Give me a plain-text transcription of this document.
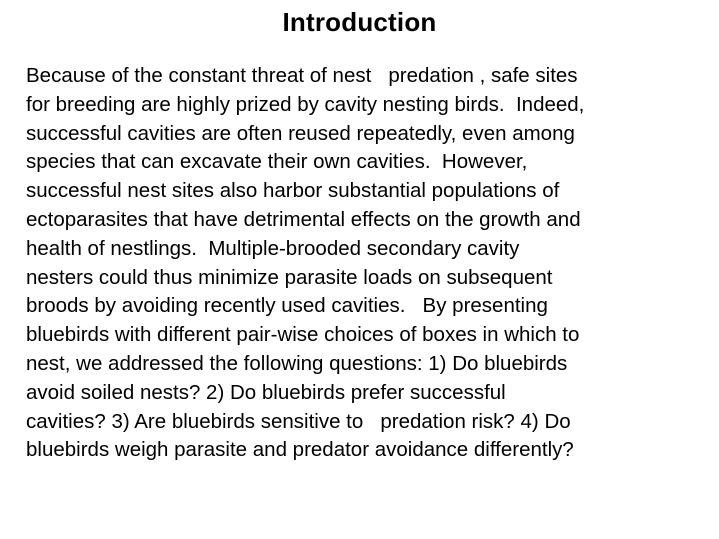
Introduction
Because of the constant threat of nest   predation , safe sites
for breeding are highly prized by cavity nesting birds.  Indeed,
successful cavities are often reused repeatedly, even among
species that can excavate their own cavities.  However,
successful nest sites also harbor substantial populations of
ectoparasites that have detrimental effects on the growth and
health of nestlings.  Multiple-brooded secondary cavity
nesters could thus minimize parasite loads on subsequent
broods by avoiding recently used cavities.   By presenting
bluebirds with different pair-wise choices of boxes in which to
nest, we addressed the following questions: 1) Do bluebirds
avoid soiled nests? 2) Do bluebirds prefer successful
cavities? 3) Are bluebirds sensitive to   predation risk? 4) Do
bluebirds weigh parasite and predator avoidance differently?
